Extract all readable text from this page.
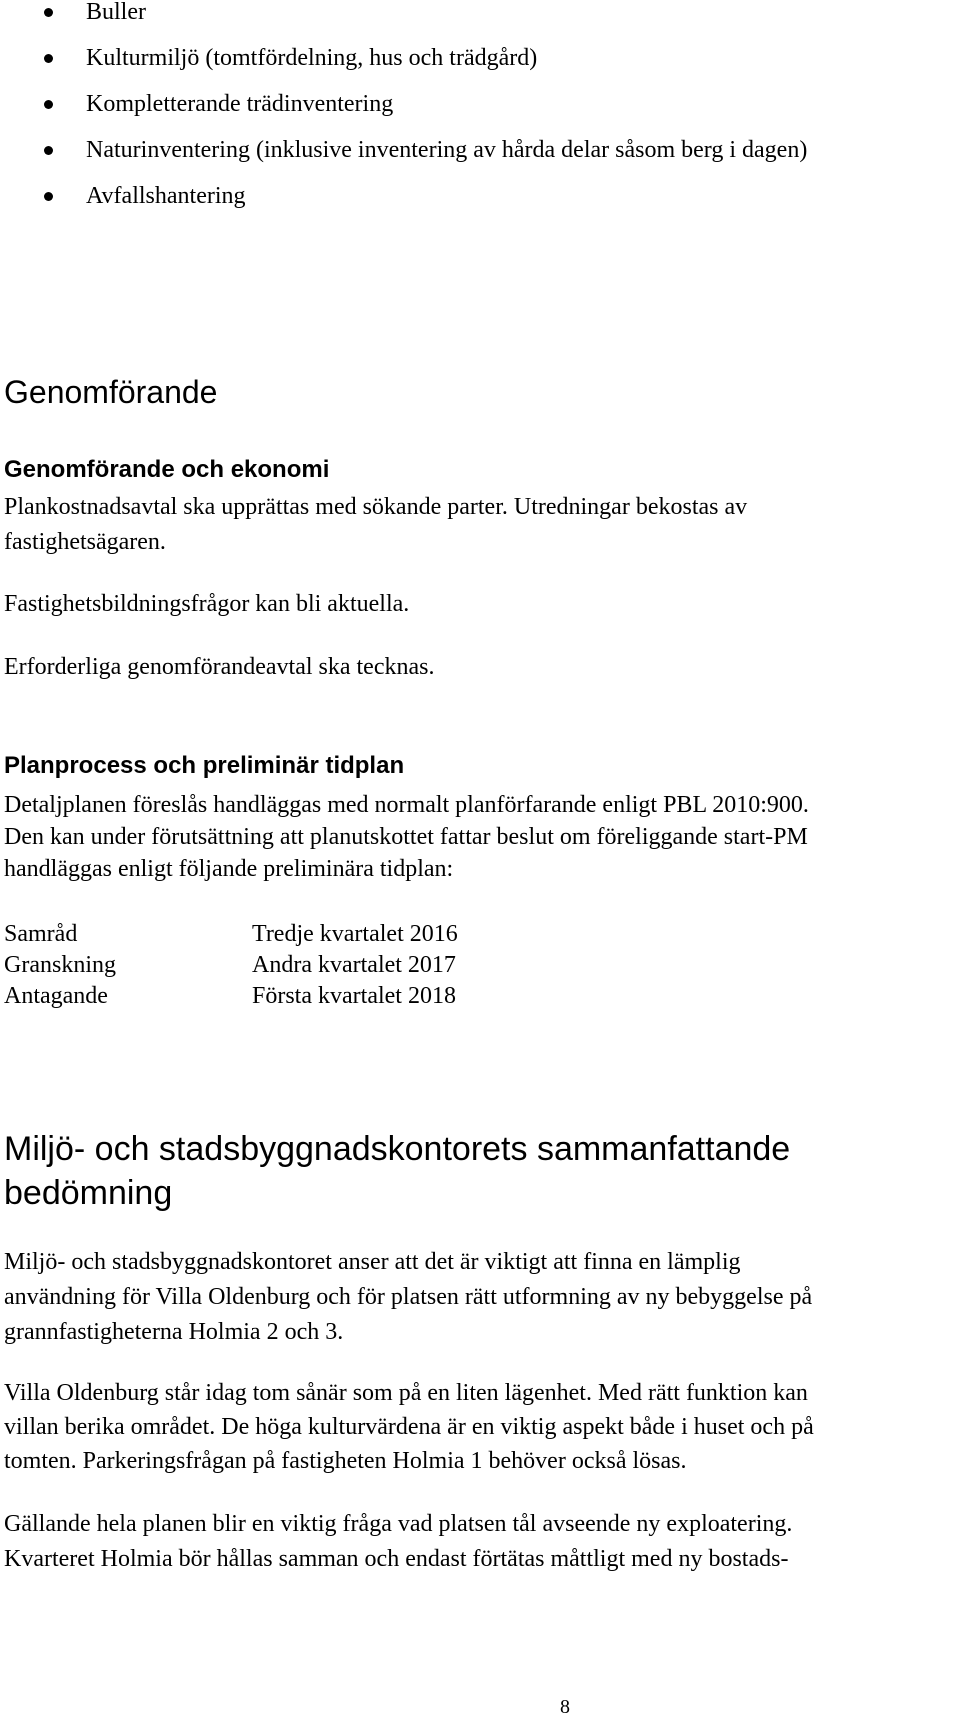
Buller
Kulturmiljö (tomtfördelning, hus och trädgård)
Kompletterande trädinventering
Naturinventering (inklusive inventering av hårda delar såsom berg i dagen)
Avfallshantering
Genomförande
Genomförande och ekonomi
Plankostnadsavtal ska upprättas med sökande parter. Utredningar bekostas av
fastighetsägaren.
Fastighetsbildningsfrågor kan bli aktuella.
Erforderliga genomförandeavtal ska tecknas.
Planprocess och preliminär tidplan
Detaljplanen föreslås handläggas med normalt planförfarande enligt PBL 2010:900.
Den kan under förutsättning att planutskottet fattar beslut om föreliggande start-PM
handläggas enligt följande preliminära tidplan:
Samråd	Tredje kvartalet 2016
Granskning	Andra kvartalet 2017
Antagande	Första kvartalet 2018
Miljö- och stadsbyggnadskontorets sammanfattande
bedömning
Miljö- och stadsbyggnadskontoret anser att det är viktigt att finna en lämplig
användning för Villa Oldenburg och för platsen rätt utformning av ny bebyggelse på
grannfastigheterna Holmia 2 och 3.
Villa Oldenburg står idag tom sånär som på en liten lägenhet. Med rätt funktion kan
villan berika området. De höga kulturvärdena är en viktig aspekt både i huset och på
tomten. Parkeringsfrågan på fastigheten Holmia 1 behöver också lösas.
Gällande hela planen blir en viktig fråga vad platsen tål avseende ny exploatering.
Kvarteret Holmia bör hållas samman och endast förtätas måttligt med ny bostads-
8
